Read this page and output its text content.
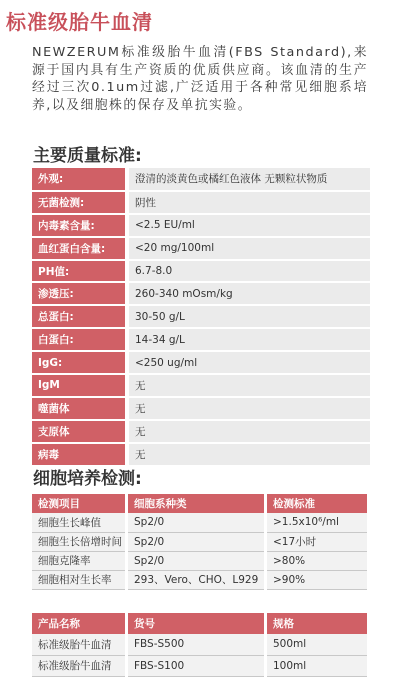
标准级胎牛血清
NEWZERUM标准级胎牛血清(FBS Standard),来源于国内具有生产资质的优质供应商。该血清的生产经过三次0.1um过滤,广泛适用于各种常见细胞系培养,以及细胞株的保存及单抗实验。
主要质量标准:
外观:	澄清的淡黄色或橘红色液体 无颗粒状物质
无菌检测:	阴性
内毒素含量:	<2.5 EU/ml
血红蛋白含量:	<20 mg/100ml
PH值:	6.7-8.0
渗透压:	260-340 mOsm/kg
总蛋白:	30-50 g/L
白蛋白:	14-34 g/L
IgG:	<250 ug/ml
IgM	无
噬菌体	无
支原体	无
病毒	无
细胞培养检测:
检测项目	细胞系种类	检测标准
细胞生长峰值	Sp2/0	>1.5x10⁶/ml
细胞生长倍增时间	Sp2/0	<17小时
细胞克隆率	Sp2/0	>80%
细胞相对生长率	293、Vero、CHO、L929	>90%
产品名称	货号	规格
标准级胎牛血清	FBS-S500	500ml
标准级胎牛血清	FBS-S100	100ml
